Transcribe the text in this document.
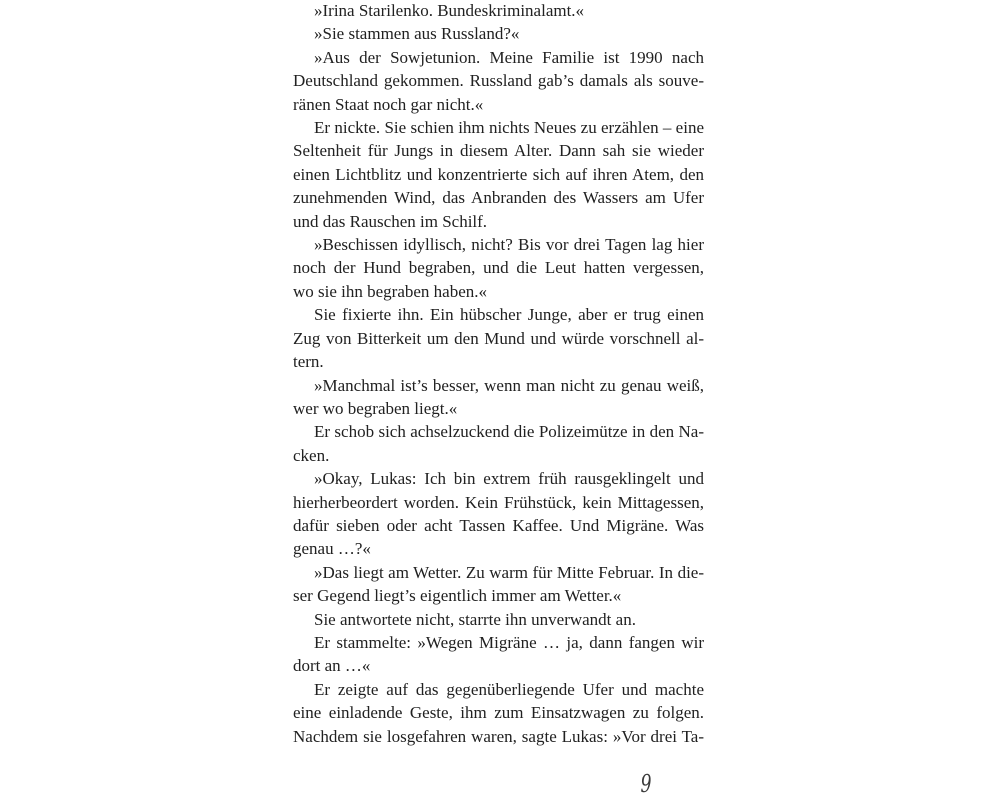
»Irina Starilenko. Bundeskriminalamt.«
»Sie stammen aus Russland?«
»Aus der Sowjetunion. Meine Familie ist 1990 nach
Deutschland gekommen. Russland gab’s damals als souve-
ränen Staat noch gar nicht.«
Er nickte. Sie schien ihm nichts Neues zu erzählen – eine
Seltenheit für Jungs in diesem Alter. Dann sah sie wieder
einen Lichtblitz und konzentrierte sich auf ihren Atem, den
zunehmenden Wind, das Anbranden des Wassers am Ufer
und das Rauschen im Schilf.
»Beschissen idyllisch, nicht? Bis vor drei Tagen lag hier
noch der Hund begraben, und die Leut hatten vergessen,
wo sie ihn begraben haben.«
Sie fixierte ihn. Ein hübscher Junge, aber er trug einen
Zug von Bitterkeit um den Mund und würde vorschnell al-
tern.
»Manchmal ist’s besser, wenn man nicht zu genau weiß,
wer wo begraben liegt.«
Er schob sich achselzuckend die Polizeimütze in den Na-
cken.
»Okay, Lukas: Ich bin extrem früh rausgeklingelt und
hierherbeordert worden. Kein Frühstück, kein Mittagessen,
dafür sieben oder acht Tassen Kaffee. Und Migräne. Was
genau …?«
»Das liegt am Wetter. Zu warm für Mitte Februar. In die-
ser Gegend liegt’s eigentlich immer am Wetter.«
Sie antwortete nicht, starrte ihn unverwandt an.
Er stammelte: »Wegen Migräne … ja, dann fangen wir
dort an …«
Er zeigte auf das gegenüberliegende Ufer und machte
eine einladende Geste, ihm zum Einsatzwagen zu folgen.
Nachdem sie losgefahren waren, sagte Lukas: »Vor drei Ta-
9
